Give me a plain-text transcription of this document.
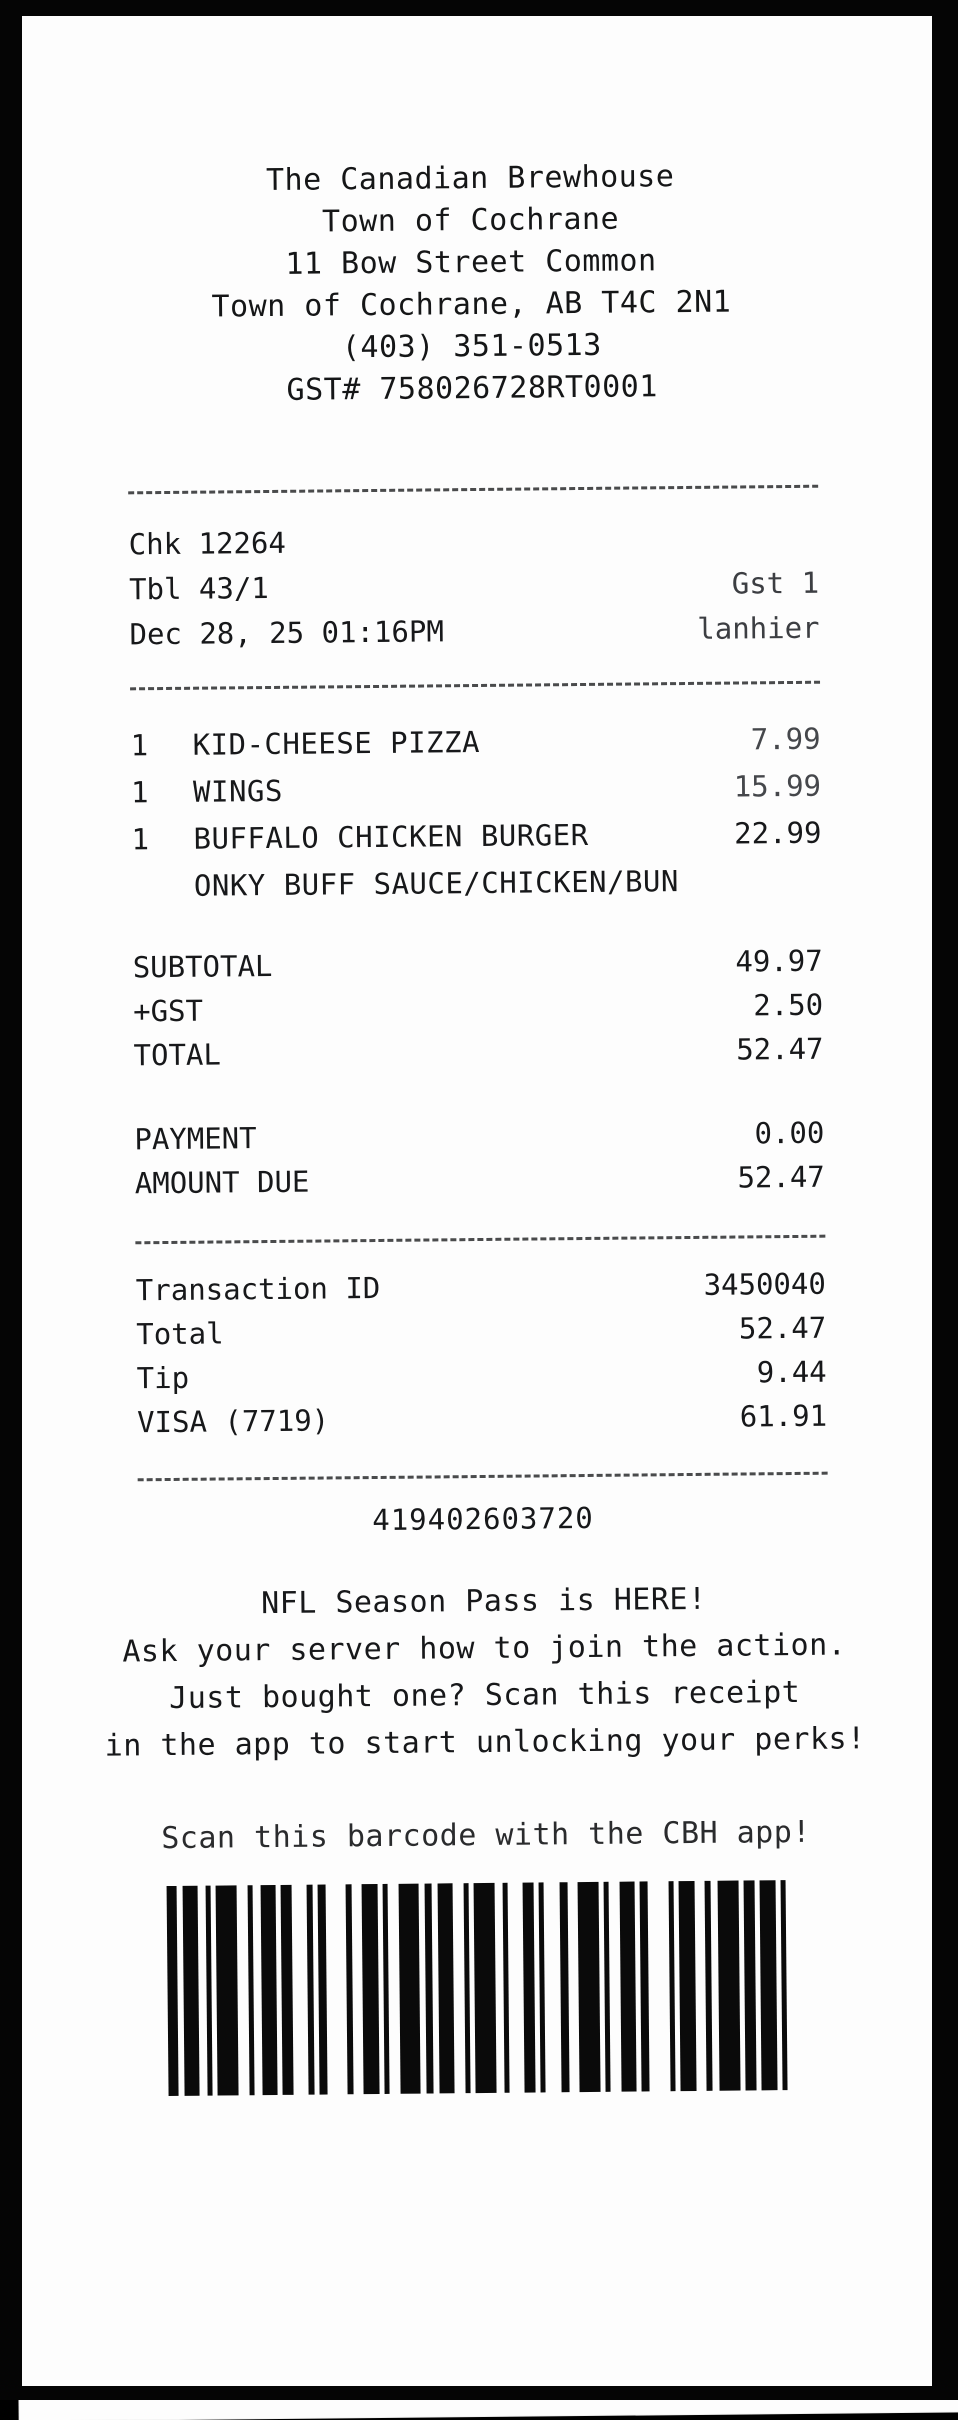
The Canadian Brewhouse
Town of Cochrane
11 Bow Street Common
Town of Cochrane, AB T4C 2N1
(403) 351-0513
GST# 758026728RT0001
Chk 12264
Tbl 43/1	Gst 1
Dec 28, 25 01:16PM	lanhier
1	KID-CHEESE PIZZA	7.99
1	WINGS	15.99
1	BUFFALO CHICKEN BURGER	22.99
ONKY BUFF SAUCE/CHICKEN/BUN
SUBTOTAL	49.97
+GST	2.50
TOTAL	52.47
PAYMENT	0.00
AMOUNT DUE	52.47
Transaction ID	3450040
Total	52.47
Tip	9.44
VISA (7719)	61.91
419402603720
NFL Season Pass is HERE!
Ask your server how to join the action.
Just bought one? Scan this receipt
in the app to start unlocking your perks!
Scan this barcode with the CBH app!
